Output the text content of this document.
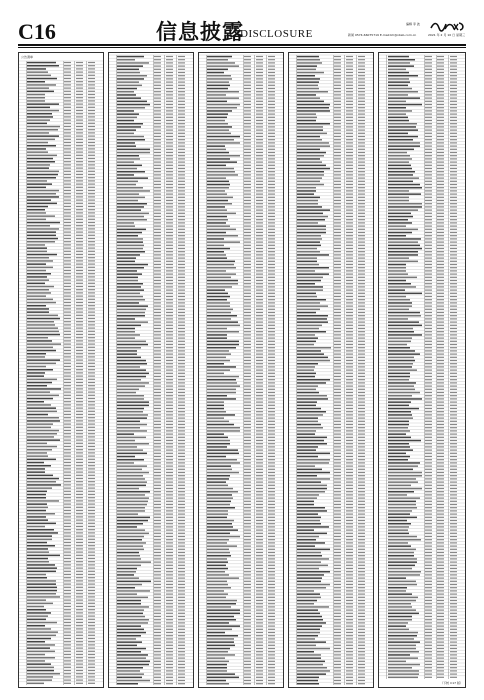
C16	信息披露
DISCLOSURE
编辑 李 波
新闻 0574-66075719 E-mail:bh@nbsb.com.cn	2021 年 2 月 10 日 星期三
公告清单
（下转 C17 版）
